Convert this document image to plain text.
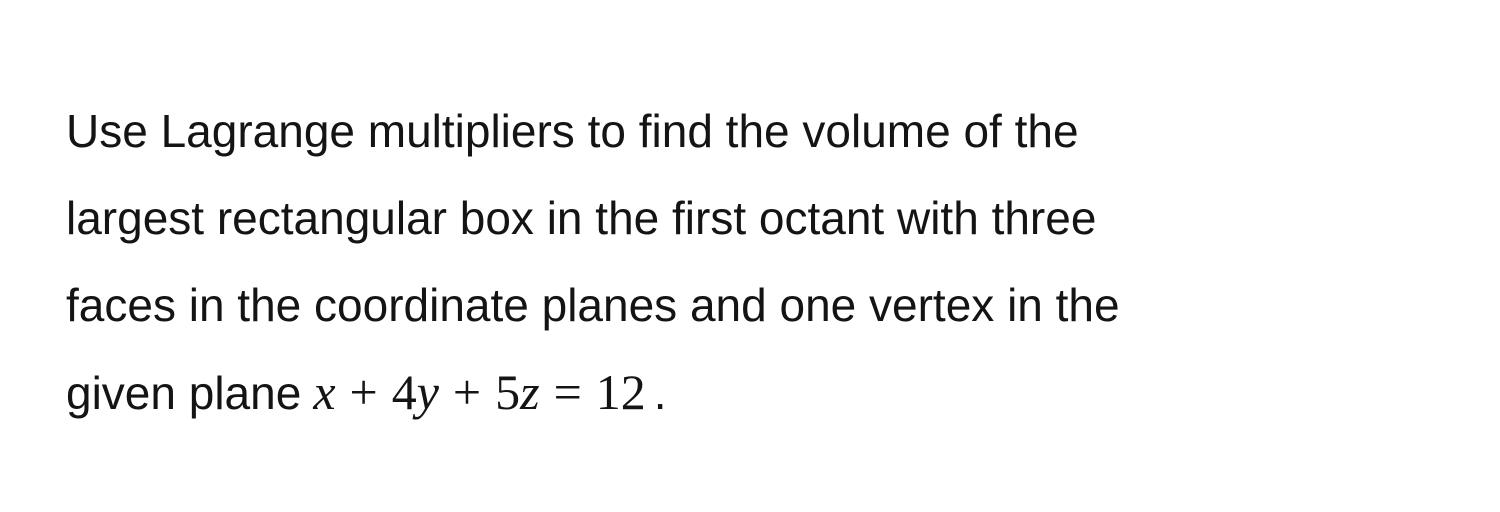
Use Lagrange multipliers to find the volume of the
largest rectangular box in the first octant with three
faces in the coordinate planes and one vertex in the
given plane x + 4y + 5z = 12 .
